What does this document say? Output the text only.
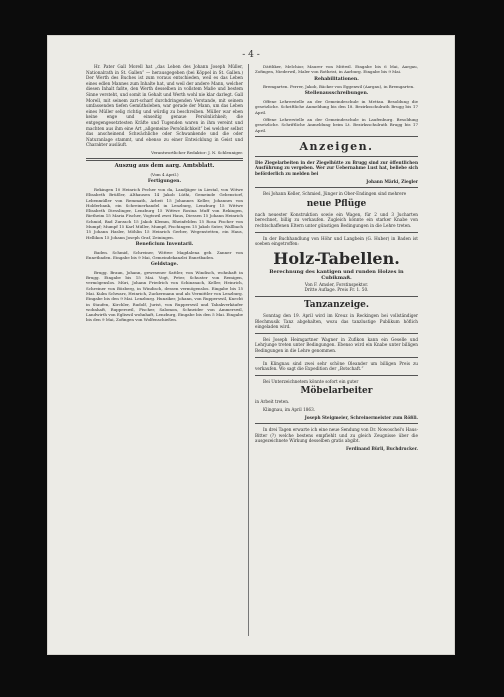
- 4 -

Hr. Pater Gall Morell hat „das Leben des Johann Joseph Müller, Nationalrath in St. Gallen“ — herausgegeben (bei Köppel in St. Gallen.) Der Werth des Buches ist zum voraus entschieden, weil es das Leben eines edlen Mannes zum Inhalte hat, und weil der andere Mann, welcher diesen Inhalt faßte, den Werth desselben in vollstem Maße und bestem Sinne versteht, und somit in Gehalt und Werth wohl nie klar darlegt. Gall Morell, mit seinem zart-scharf durchdringenden Verstande, mit seinem umfassenden tiefen Gemüthsleben, war gerade der Mann, um das Leben eines Müller selig richtig und würdig zu beschreiben. Müller war eben keine enge und einseitig genaue Persönlichkeit; die entgegengesetztesten Kräfte und Tugenden waren in ihm vereint und machten aus ihm eine Art „allgemeine Persönlichkeit“ bei welcher selbst das anscheinend Schwächliche oder Schwankende und die oder Naturanlage stammt, und ebenso zu einer Entwicklung in Geist und Charakter ausläuft.

Verantwortlicher Redaktor: J. N. Schleuniger.

Auszug aus dem aarg. Amtsblatt.
(Vom 4 April.)
Fertigungen.

Rekingen 10 Heinrich Pecher von da, Landjäger in Liestal, von Witwe Elisabeth Brüßler, Althausen 14 Jakob Lüthi, Gemeinde Gebenstorf, Lebenmüller von Remmath, Arbeit 15 Johannes Keller, Johannes von Holderbank, ein Schreinerhandel in Lenzburg, Lenzburg 15 Wittwe Elisabeth Diesslinger, Lenzburg 15 Wittwe Rosina Muff von Rekingen, Rietheim 15 Maria Fischer, Vogtswil zwei Haus, Diessen 15 Johann Heinrich Schmid, Bad Zurzach 15 Jakob Klemm, Rheinfelden 15 Rosa Fischer von Mumpf; Mumpf 15 Karl Müller, Mumpf, Fischingen 15 Jakob Suter, Wallbach 15 Johann Hasler, Möhlin 15 Heinrich Gerber, Wegenstetten, ein Haus, Hellikon 15 Johann Joseph Graf, Zeiningen.

Beneficium Inventarii.

Baden. Schmid, Schreiner, Wittwe Magdalena geb. Zanner von Ennetbaden. Eingabe bis 9 Mai, Gemeindekanzlei Ennetbaden.

Geldstage.

Brugg. Braun, Johann, gewesener Sattler, von Windisch, wohnhaft in Brugg. Eingabe bis 15 Mai. Vogt, Peter, Schuster von Remigen, vermögenslos. Müri, Johann Friedrich von Schinznach, Keller, Heinrich, Schreiner von Bözberg, in Windisch, dessen vermögenslos. Eingabe bis 15 Mai. Kulm Schwarz, Heinrich, Zuckermann und als Vermittler von Lenzburg. Eingabe bis den 9 Mai. Lenzburg. Hunziker, Johann, von Rupperswil, Knecht in Staufen, Kirchler, Rudolf, Jurist, von Rupperswil und Tabakverkäufer wohnhaft, Rupperswil, Fischer, Salomon, Schneider von Ammerswil, Landwirth von Egliswil wohnhaft, Lenzburg, Eingabe bis den 5 Mai. Eingabe bis den 9 Mai, Zofingen von Wolfenschießen.

Dättliker, Melchior, Maurer von Mittwil. Eingabe bis 6 Mai, Aargau, Zofingen, Niederwil, Maler von Rothrist, in Aarburg. Eingabe bis 9 Mai.

Rehabilitationen.

Bremgarten. Ferrer, Jakob, Bäcker von Eggenwil (Aargau), in Bremgarten.

Stellenausschreibungen.

Offene Lehrerstelle an der Gemeindeschule in Mettau. Besoldung die gesetzliche. Schriftliche Anmeldung bis den 18. Bezirksschulrath Brugg bis 17 April.

Offene Lehrerstelle an der Gemeindeschule in Laufenburg. Besoldung gesetzliche. Schriftliche Anmeldung beim Lt. Bezirksschulrath Brugg bis 17 April.

Anzeigen.

Die Ziegelarbeiten in der Ziegelhütte zu Brugg sind zur öffentlichen Ausführung zu vergeben. Wer zur Uebernahme Lust hat, beliebe sich beförderlich zu melden bei

Johann Märki, Ziegler

Bei Johann Keller, Schmied, Jünger in Ober-Endingen sind mehrere

neue Pflüge

nach neuester Konstruktion sowie ein Wagen, für 2 und 3 Jucharten berechnet, billig zu verkaufen. Zugleich könnte ein starker Knabe von rechtschaffenen Eltern unter günstigen Bedingungen in die Lehre treten.

In der Buchhandlung von Höhr und Langbein (G. Huber) in Baden ist soeben eingetroffen:

Holz-Tabellen.
Berechnung des kantigen und runden Holzes in Cubikmaß.
Von F. Amsler, Forstinspektor.
Dritte Auflage. Preis Fr. 1. 50.
Tanzanzeige.

Sonntag den 19. April wird im Kreuz in Reckingen bei vollständiger Blechmusik Tanz abgehalten, wozu das tanzlustige Publikum höflich eingeladen wird.

Bei Joseph Heimgartner Wagner in Zufikon kann ein Geselle und Lehrjunge treten unter Bedingungen. Ebenso wird ein Knabe unter billigen Bedingungen in die Lehre genommen.

In Klingnau sind zwei sehr schöne Oleander um billigen Preis zu verkaufen. Wo sagt die Expedition der „Botschaft.“

Bei Unterzeichnetem könnte sofort ein guter

Möbelarbeiter

in Arbeit treten.

Klingnau, im April 1863.

Joseph Steigmeier, Schreinermeister zum Rößli.

In drei Tagen erwarte ich eine neue Sendung von Dr. Nowoschel's Haus-Bitter (?) welche bestens empfiehlt und zu gleich Zeugnisse über die ausgezeichnete Wirkung desselben gratis abgibt.

Ferdinand Bürli, Buchdrucker.
